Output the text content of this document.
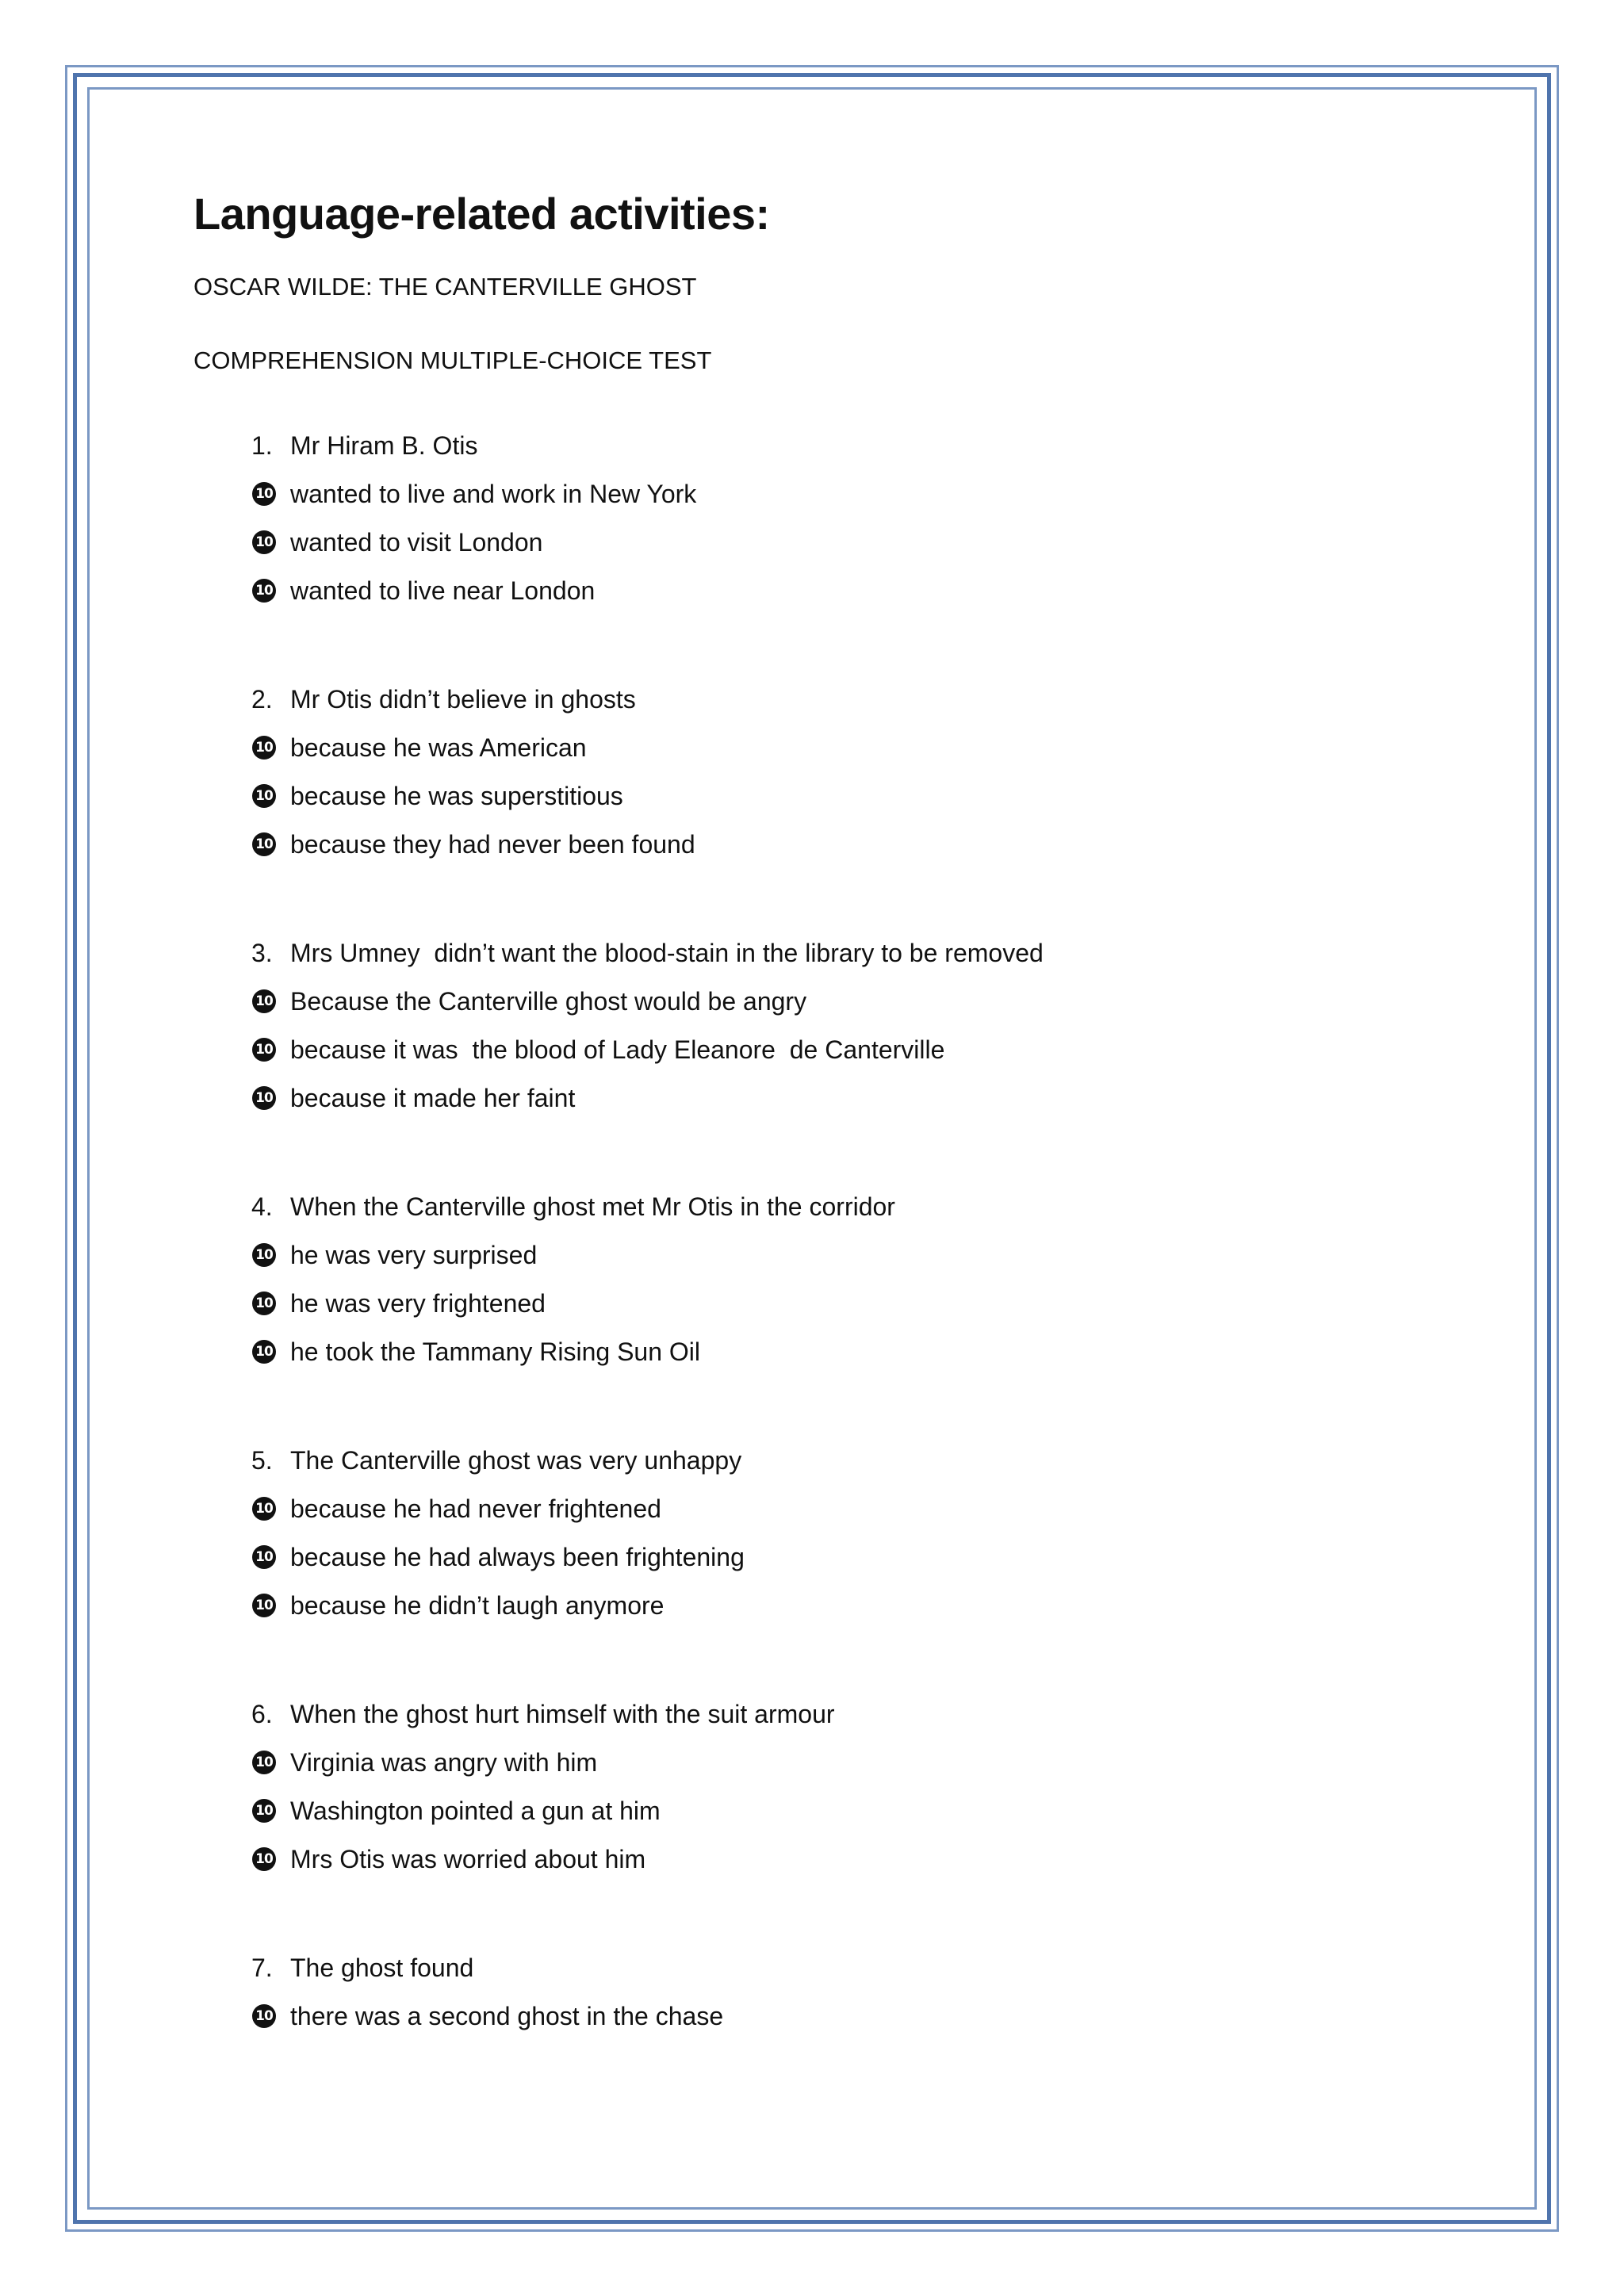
Language-related activities:

OSCAR WILDE: THE CANTERVILLE GHOST

COMPREHENSION MULTIPLE-CHOICE TEST

1. Mr Hiram B. Otis
10 wanted to live and work in New York
10 wanted to visit London
10 wanted to live near London
2. Mr Otis didn’t believe in ghosts
10 because he was American
10 because he was superstitious
10 because they had never been found
3. Mrs Umney  didn’t want the blood-stain in the library to be removed
10 Because the Canterville ghost would be angry
10 because it was  the blood of Lady Eleanore  de Canterville
10 because it made her faint
4. When the Canterville ghost met Mr Otis in the corridor
10 he was very surprised
10 he was very frightened
10 he took the Tammany Rising Sun Oil
5. The Canterville ghost was very unhappy
10 because he had never frightened
10 because he had always been frightening
10 because he didn’t laugh anymore
6. When the ghost hurt himself with the suit armour
10 Virginia was angry with him
10 Washington pointed a gun at him
10 Mrs Otis was worried about him
7. The ghost found
10 there was a second ghost in the chase
